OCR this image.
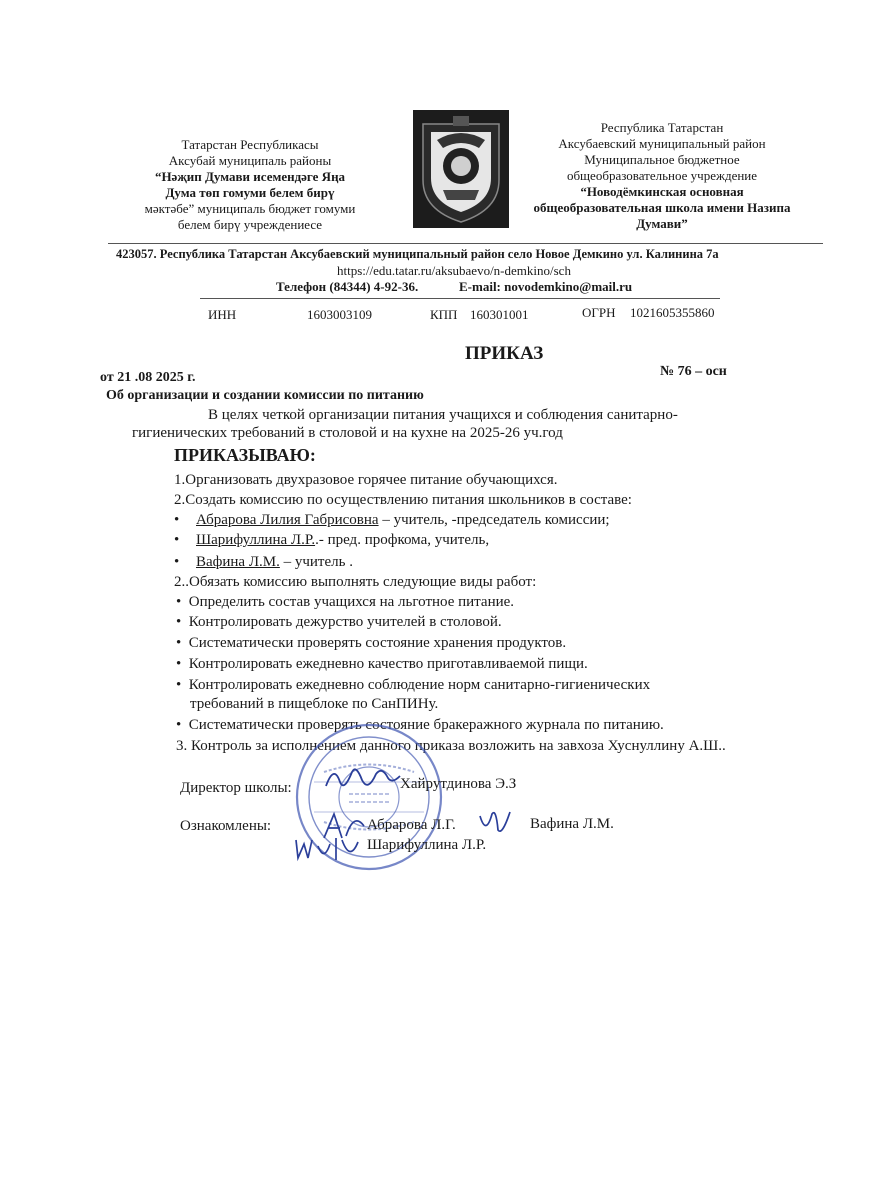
Татарстан Республикасы
Аксубай муниципаль районы
“Нәҗип Думави исемендәге Яңа
Дума төп гомуми белем бирү
мәктәбе” муниципаль бюджет гомуми
белем бирү учреждениесе
Республика Татарстан
Аксубаевский муниципальный район
Муниципальное бюджетное
общеобразовательное учреждение
“Новодёмкинская основная
общеобразовательная школа имени Назипа
Думави”
423057. Республика Татарстан Аксубаевский муниципальный район село Новое Демкино ул. Калинина 7а
https://edu.tatar.ru/aksubaevo/n-demkino/sch
Телефон (84344) 4-92-36.	E-mail: novodemkino@mail.ru
ИНН	1603003109	КПП 160301001	ОГРН 1021605355860
ПРИКАЗ
от 21 .08 2025 г.	№ 76 – осн
Об организации и создании комиссии по питанию
В целях четкой организации питания учащихся и соблюдения санитарно-
гигиенических требований в столовой и на кухне на 2025-26 уч.год
ПРИКАЗЫВАЮ:
1.Организовать двухразовое горячее питание обучающихся.
2.Создать комиссию по осуществлению питания школьников в составе:
• Абрарова Лилия Габрисовна – учитель, -председатель комиссии;
• Шарифуллина Л.Р..- пред. профкома, учитель,
• Вафина Л.М. – учитель .
2..Обязать комиссию выполнять следующие виды работ:
• Определить состав учащихся на льготное питание.
• Контролировать дежурство учителей в столовой.
• Систематически проверять состояние хранения продуктов.
• Контролировать ежедневно качество приготавливаемой пищи.
• Контролировать ежедневно соблюдение норм санитарно-гигиенических
требований в пищеблоке по СанПИНу.
• Систематически проверять состояние бракеражного журнала по питанию.
3. Контроль за исполнением данного приказа возложить на завхоза Хуснуллину А.Ш..
Директор школы:	Хайрутдинова Э.З
Ознакомлены:	Абрарова Л.Г.	Вафина Л.М.
Шарифуллина Л.Р.
